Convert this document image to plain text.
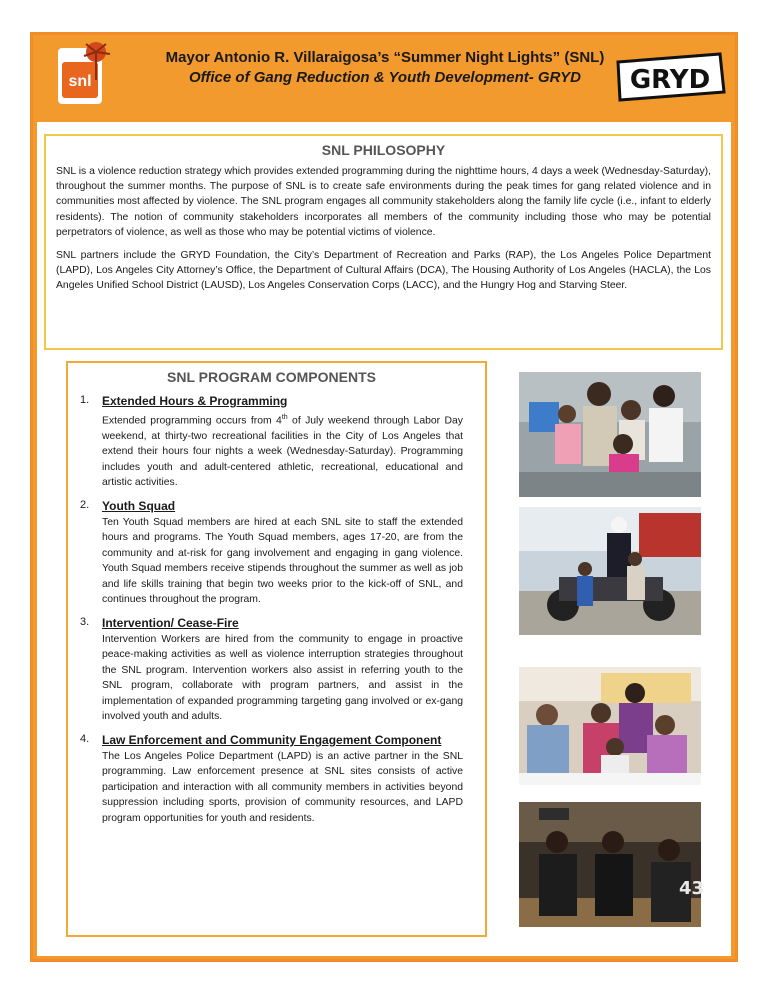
snl
Mayor Antonio R. Villaraigosa’s “Summer Night Lights” (SNL)
Office of Gang Reduction & Youth Development- GRYD	GRYD
SNL PHILOSOPHY

SNL is a violence reduction strategy which provides extended programming during the nighttime hours, 4 days a week (Wednesday-Saturday), throughout the summer months. The purpose of SNL is to create safe environments during the peak times for gang related violence and in communities most affected by violence. The SNL program engages all community stakeholders along the family life cycle (i.e., infant to elderly residents). The notion of community stakeholders incorporates all members of the community including those who may be potential perpetrators of violence, as well as those who may be potential victims of violence.

SNL partners include the GRYD Foundation, the City’s Department of Recreation and Parks (RAP), the Los Angeles Police Department (LAPD), Los Angeles City Attorney’s Office, the Department of Cultural Affairs (DCA), The Housing Authority of Los Angeles (HACLA), the Los Angeles Unified School District (LAUSD), Los Angeles Conservation Corps (LACC), and the Hungry Hog and Starving Steer.

SNL PROGRAM COMPONENTS
1.	Extended Hours & Programming
Extended programming occurs from 4th of July weekend through Labor Day weekend, at thirty-two recreational facilities in the City of Los Angeles that extend their hours four nights a week (Wednesday-Saturday). Programming includes youth and adult-centered athletic, recreational, educational and artistic activities.
2.	Youth Squad
Ten Youth Squad members are hired at each SNL site to staff the extended hours and programs. The Youth Squad members, ages 17-20, are from the community and at-risk for gang involvement and engaging in gang violence. Youth Squad members receive stipends throughout the summer as well as job and life skills training that begin two weeks prior to the kick-off of SNL, and continues throughout the program.
3.	Intervention/ Cease-Fire
Intervention Workers are hired from the community to engage in proactive peace-making activities as well as violence interruption strategies throughout the SNL program. Intervention workers also assist in referring youth to the SNL program, collaborate with program partners, and assist in the implementation of expanded programming targeting gang involved or ex-gang involved youth and adults.
4.	Law Enforcement and Community Engagement Component
The Los Angeles Police Department (LAPD) is an active partner in the SNL programming. Law enforcement presence at SNL sites consists of active participation and interaction with all community members in activities beyond suppression including sports, provision of community resources, and LAPD program opportunities for youth and residents.
43
